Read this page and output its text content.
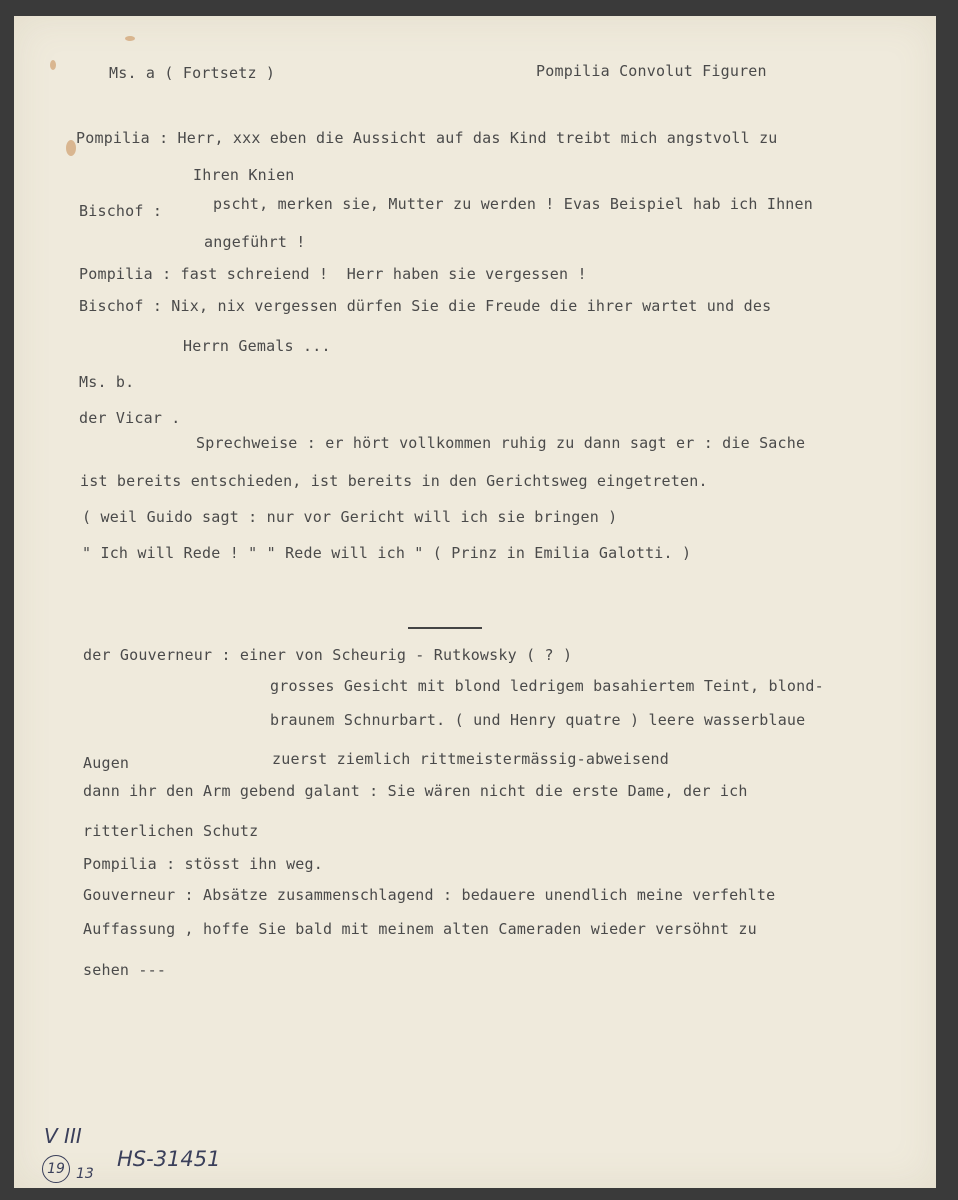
Ms. a ( Fortsetz )	Pompilia Convolut Figuren
Pompilia : Herr, xxx eben die Aussicht auf das Kind treibt mich angstvoll zu
Ihren Knien
Bischof :	pscht, merken sie, Mutter zu werden ! Evas Beispiel hab ich Ihnen
angeführt !
Pompilia : fast schreiend !  Herr haben sie vergessen !
Bischof : Nix, nix vergessen dürfen Sie die Freude die ihrer wartet und des
Herrn Gemals ...
Ms. b.
der Vicar .
Sprechweise : er hört vollkommen ruhig zu dann sagt er : die Sache
ist bereits entschieden, ist bereits in den Gerichtsweg eingetreten.
( weil Guido sagt : nur vor Gericht will ich sie bringen )
" Ich will Rede ! " " Rede will ich " ( Prinz in Emilia Galotti. )
der Gouverneur : einer von Scheurig - Rutkowsky ( ? )
grosses Gesicht mit blond ledrigem basahiertem Teint, blond-
braunem Schnurbart. ( und Henry quatre ) leere wasserblaue
Augen	zuerst ziemlich rittmeistermässig-abweisend
dann ihr den Arm gebend galant : Sie wären nicht die erste Dame, der ich
ritterlichen Schutz
Pompilia : stösst ihn weg.
Gouverneur : Absätze zusammenschlagend : bedauere unendlich meine verfehlte
Auffassung , hoffe Sie bald mit meinem alten Cameraden wieder versöhnt zu
sehen ---
V III
19 13
HS-31451
